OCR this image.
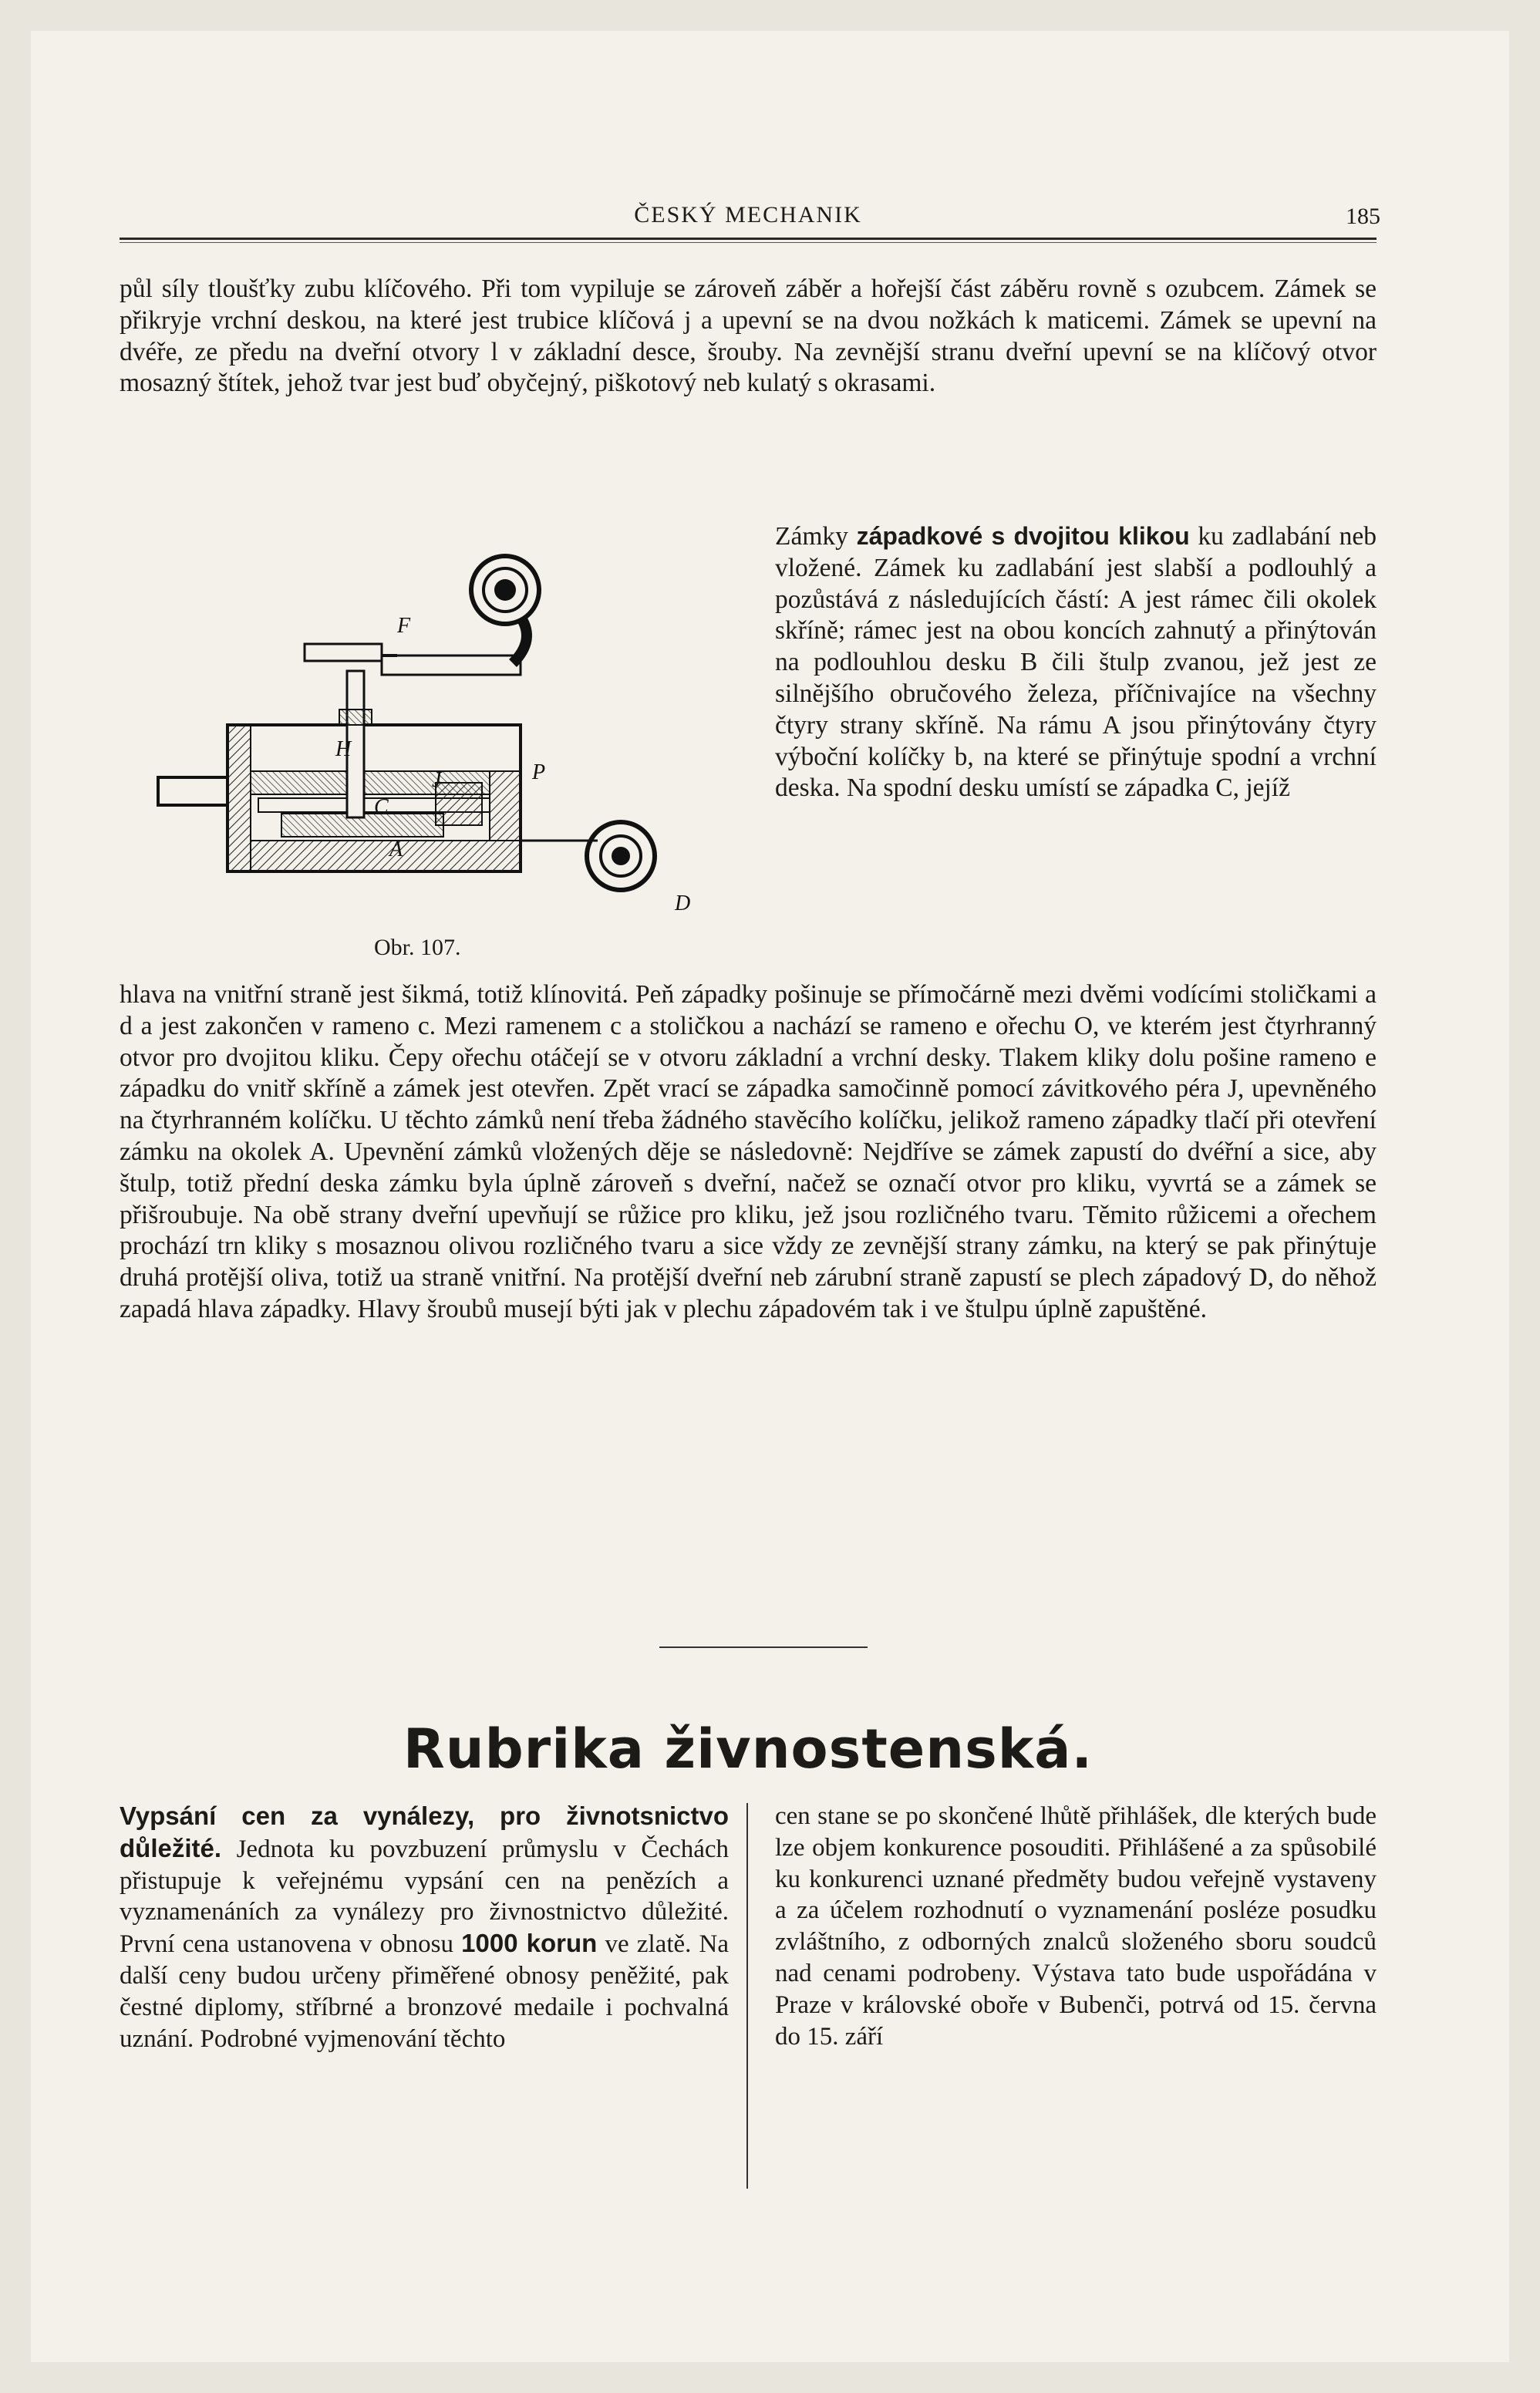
ČESKÝ MECHANIK	185

půl síly tloušťky zubu klíčového. Při tom vypiluje se zároveň záběr a hořejší část záběru rovně s ozubcem. Zámek se přikryje vrchní deskou, na které jest trubice klíčová j a upevní se na dvou nožkách k maticemi. Zámek se upevní na dvéře, ze předu na dveřní otvory l v základní desce, šrouby. Na zevnější stranu dveřní upevní se na klíčový otvor mosazný štítek, jehož tvar jest buď obyčejný, piškotový neb kulatý s okrasami.

Zámky západkové s dvojitou klikou ku zadlabání neb vložené. Zámek ku zadlabání jest slabší a podlouhlý a pozůstává z následujících částí: A jest rámec čili okolek skříně; rámec jest na obou koncích zahnutý a přinýtován na podlouhlou desku B čili štulp zvanou, jež jest ze silnějšího obručového železa, příčnivajíce na všechny čtyry strany skříně. Na rámu A jsou přinýtovány čtyry výboční kolíčky b, na které se přinýtuje spodní a vrchní deska. Na spodní desku umístí se západka C, jejíž

F
H
J	P
C
A
D
Obr. 107.

hlava na vnitřní straně jest šikmá, totiž klínovitá. Peň západky pošinuje se přímočárně mezi dvěmi vodícími stoličkami a d a jest zakončen v rameno c. Mezi ramenem c a stoličkou a nachází se rameno e ořechu O, ve kterém jest čtyrhranný otvor pro dvojitou kliku. Čepy ořechu otáčejí se v otvoru základní a vrchní desky. Tlakem kliky dolu pošine rameno e západku do vnitř skříně a zámek jest otevřen. Zpět vrací se západka samočinně pomocí závitkového péra J, upevněného na čtyrhranném kolíčku. U těchto zámků není třeba žádného stavěcího kolíčku, jelikož rameno západky tlačí při otevření zámku na okolek A. Upevnění zámků vložených děje se následovně: Nejdříve se zámek zapustí do dvéřní a sice, aby štulp, totiž přední deska zámku byla úplně zároveň s dveřní, načež se označí otvor pro kliku, vyvrtá se a zámek se přišroubuje. Na obě strany dveřní upevňují se růžice pro kliku, jež jsou rozličného tvaru. Těmito růžicemi a ořechem prochází trn kliky s mosaznou olivou rozličného tvaru a sice vždy ze zevnější strany zámku, na který se pak přinýtuje druhá protější oliva, totiž ua straně vnitřní. Na protější dveřní neb zárubní straně zapustí se plech západový D, do něhož zapadá hlava západky. Hlavy šroubů musejí býti jak v plechu západovém tak i ve štulpu úplně zapuštěné.

Rubrika živnostenská.

Vypsání cen za vynálezy, pro živnotsnictvo důležité. Jednota ku povzbuzení průmyslu v Čechách přistupuje k veřejnému vypsání cen na penězích a vyznamenáních za vynálezy pro živnostnictvo důležité. První cena ustanovena v obnosu 1000 korun ve zlatě. Na další ceny budou určeny přiměřené obnosy peněžité, pak čestné diplomy, stříbrné a bronzové medaile i pochvalná uznání. Podrobné vyjmenování těchto

cen stane se po skončené lhůtě přihlášek, dle kterých bude lze objem konkurence posouditi. Přihlášené a za spůsobilé ku konkurenci uznané předměty budou veřejně vystaveny a za účelem rozhodnutí o vyznamenání posléze posudku zvláštního, z odborných znalců složeného sboru soudců nad cenami podrobeny. Výstava tato bude uspořádána v Praze v královské oboře v Bubenči, potrvá od 15. června do 15. září
